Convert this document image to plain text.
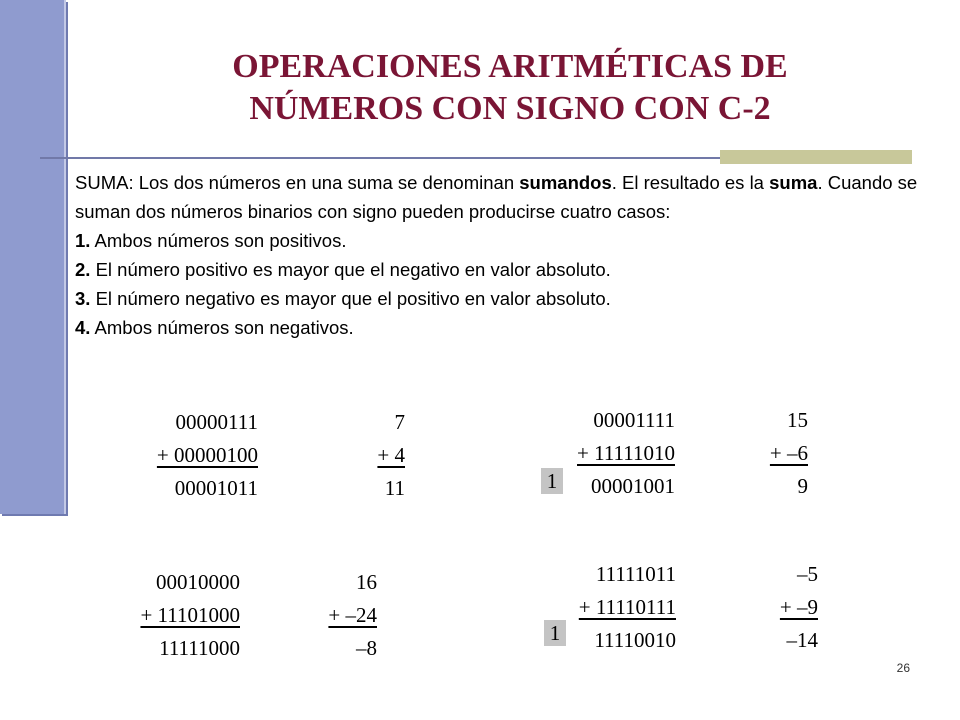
OPERACIONES ARITMÉTICAS DE
NÚMEROS CON SIGNO CON C-2

SUMA: Los dos números en una suma se denominan sumandos. El resultado es la suma. Cuando se suman dos números binarios con signo pueden producirse cuatro casos:

1. Ambos números son positivos.

2. El número positivo es mayor que el negativo en valor absoluto.

3. El número negativo es mayor que el positivo en valor absoluto.

4. Ambos números son negativos.

00000111
+ 00000100
00001011
7
+ 4
11
00001111
+ 11111010
00001001
15
+ –6
9
1
00010000
+ 11101000
11111000
16
+ –24
–8
11111011
+ 11110111
11110010
–5
+ –9
–14
1
26
